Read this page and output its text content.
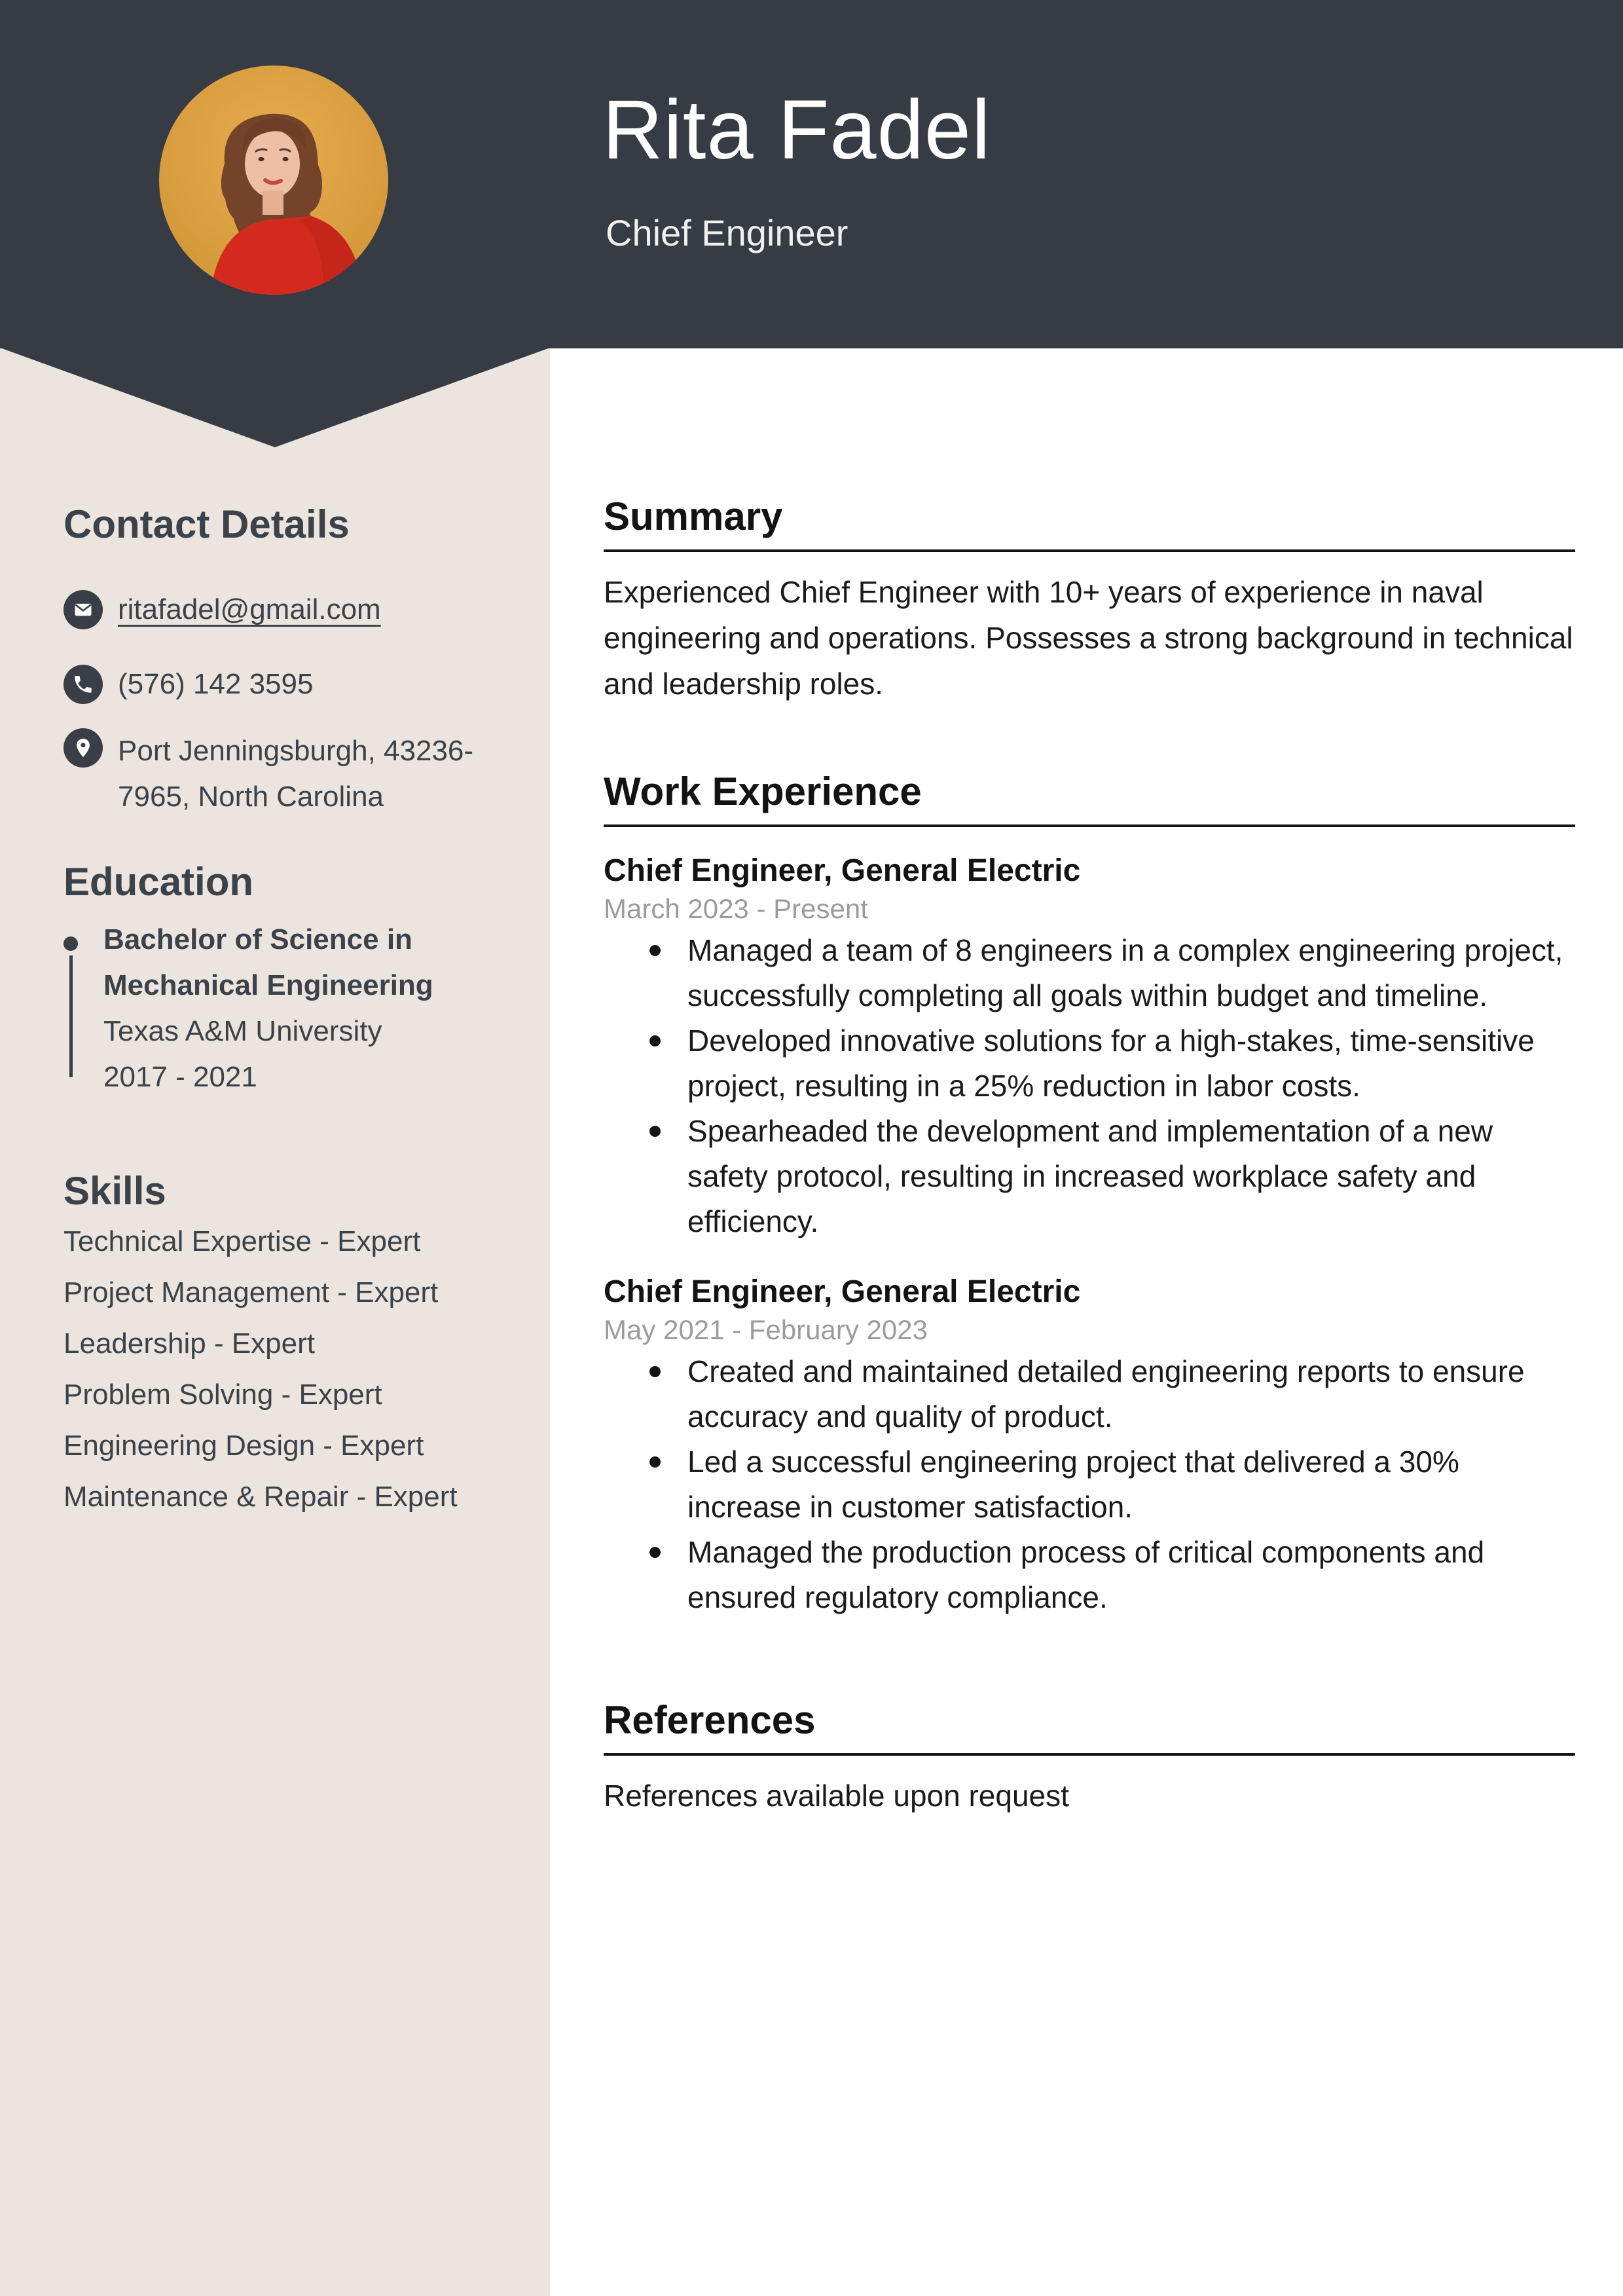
Rita Fadel
Chief Engineer
Contact Details
ritafadel@gmail.com
(576) 142 3595
Port Jenningsburgh, 43236-7965, North Carolina
Education
Bachelor of Science in Mechanical Engineering
Texas A&M University
2017 - 2021
Skills
Technical Expertise - Expert
Project Management - Expert
Leadership - Expert
Problem Solving - Expert
Engineering Design - Expert
Maintenance & Repair - Expert
Summary

Experienced Chief Engineer with 10+ years of experience in naval engineering and operations. Possesses a strong background in technical and leadership roles.

Work Experience
Chief Engineer, General Electric
March 2023 - Present
Managed a team of 8 engineers in a complex engineering project, successfully completing all goals within budget and timeline.
Developed innovative solutions for a high-stakes, time-sensitive project, resulting in a 25% reduction in labor costs.
Spearheaded the development and implementation of a new safety protocol, resulting in increased workplace safety and efficiency.
Chief Engineer, General Electric
May 2021 - February 2023
Created and maintained detailed engineering reports to ensure accuracy and quality of product.
Led a successful engineering project that delivered a 30% increase in customer satisfaction.
Managed the production process of critical components and ensured regulatory compliance.
References

References available upon request
